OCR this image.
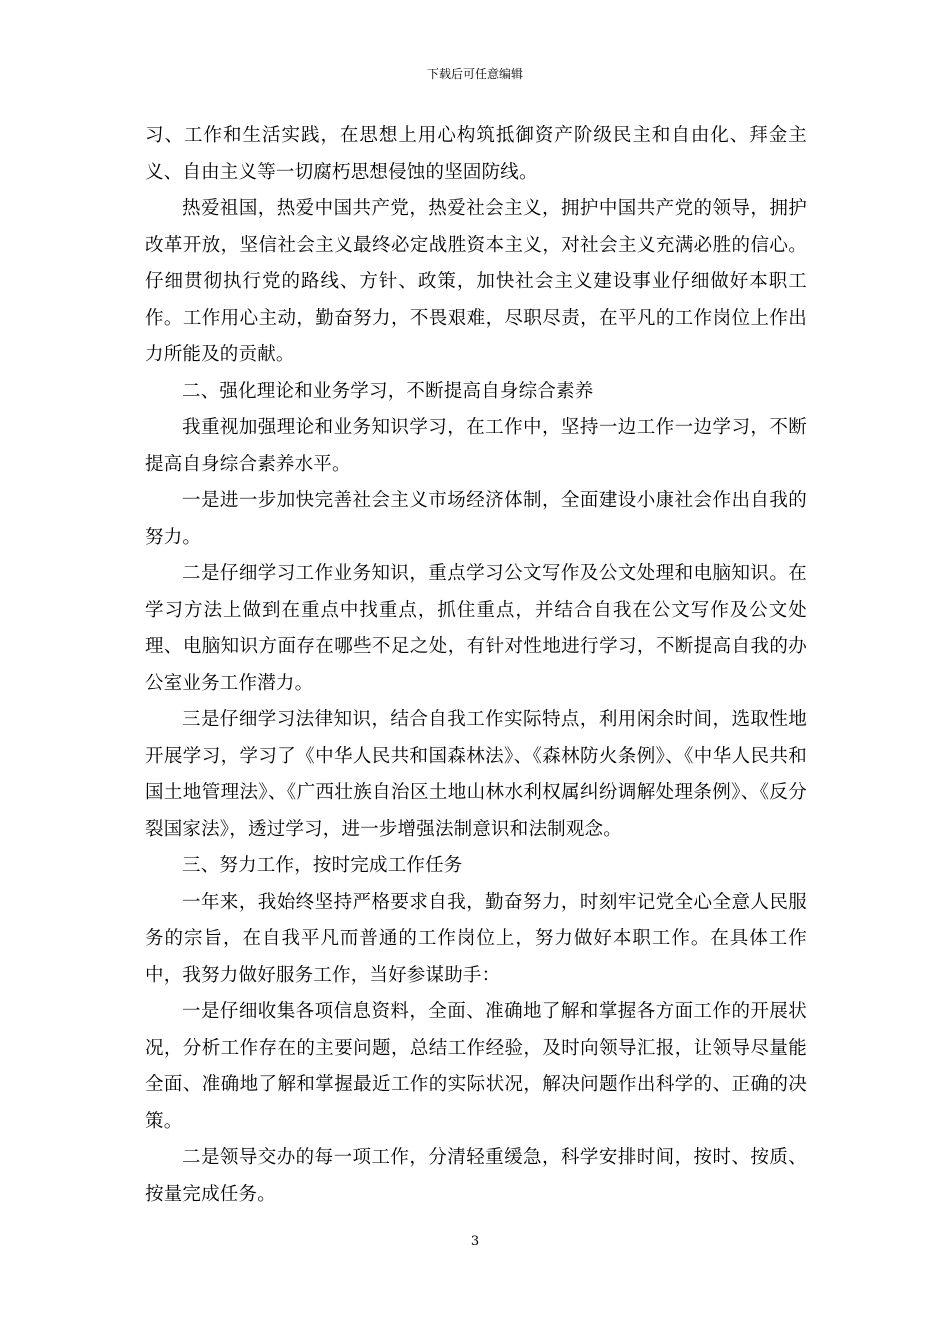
下载后可任意编辑

习、工作和生活实践，在思想上用心构筑抵御资产阶级民主和自由化、拜金主义、自由主义等一切腐朽思想侵蚀的坚固防线。

热爱祖国，热爱中国共产党，热爱社会主义，拥护中国共产党的领导，拥护改革开放，坚信社会主义最终必定战胜资本主义，对社会主义充满必胜的信心。仔细贯彻执行党的路线、方针、政策，加快社会主义建设事业仔细做好本职工作。工作用心主动，勤奋努力，不畏艰难，尽职尽责，在平凡的工作岗位上作出力所能及的贡献。

二、强化理论和业务学习，不断提高自身综合素养

我重视加强理论和业务知识学习，在工作中，坚持一边工作一边学习，不断提高自身综合素养水平。

一是进一步加快完善社会主义市场经济体制，全面建设小康社会作出自我的努力。

二是仔细学习工作业务知识，重点学习公文写作及公文处理和电脑知识。在学习方法上做到在重点中找重点，抓住重点，并结合自我在公文写作及公文处理、电脑知识方面存在哪些不足之处，有针对性地进行学习，不断提高自我的办公室业务工作潜力。

三是仔细学习法律知识，结合自我工作实际特点，利用闲余时间，选取性地开展学习，学习了《中华人民共和国森林法》、《森林防火条例》、《中华人民共和国土地管理法》、《广西壮族自治区土地山林水利权属纠纷调解处理条例》、《反分裂国家法》，透过学习，进一步增强法制意识和法制观念。

三、努力工作，按时完成工作任务

一年来，我始终坚持严格要求自我，勤奋努力，时刻牢记党全心全意人民服务的宗旨，在自我平凡而普通的工作岗位上，努力做好本职工作。在具体工作中，我努力做好服务工作，当好参谋助手：

一是仔细收集各项信息资料，全面、准确地了解和掌握各方面工作的开展状况，分析工作存在的主要问题，总结工作经验，及时向领导汇报，让领导尽量能全面、准确地了解和掌握最近工作的实际状况，解决问题作出科学的、正确的决策。

二是领导交办的每一项工作，分清轻重缓急，科学安排时间，按时、按质、按量完成任务。

3
